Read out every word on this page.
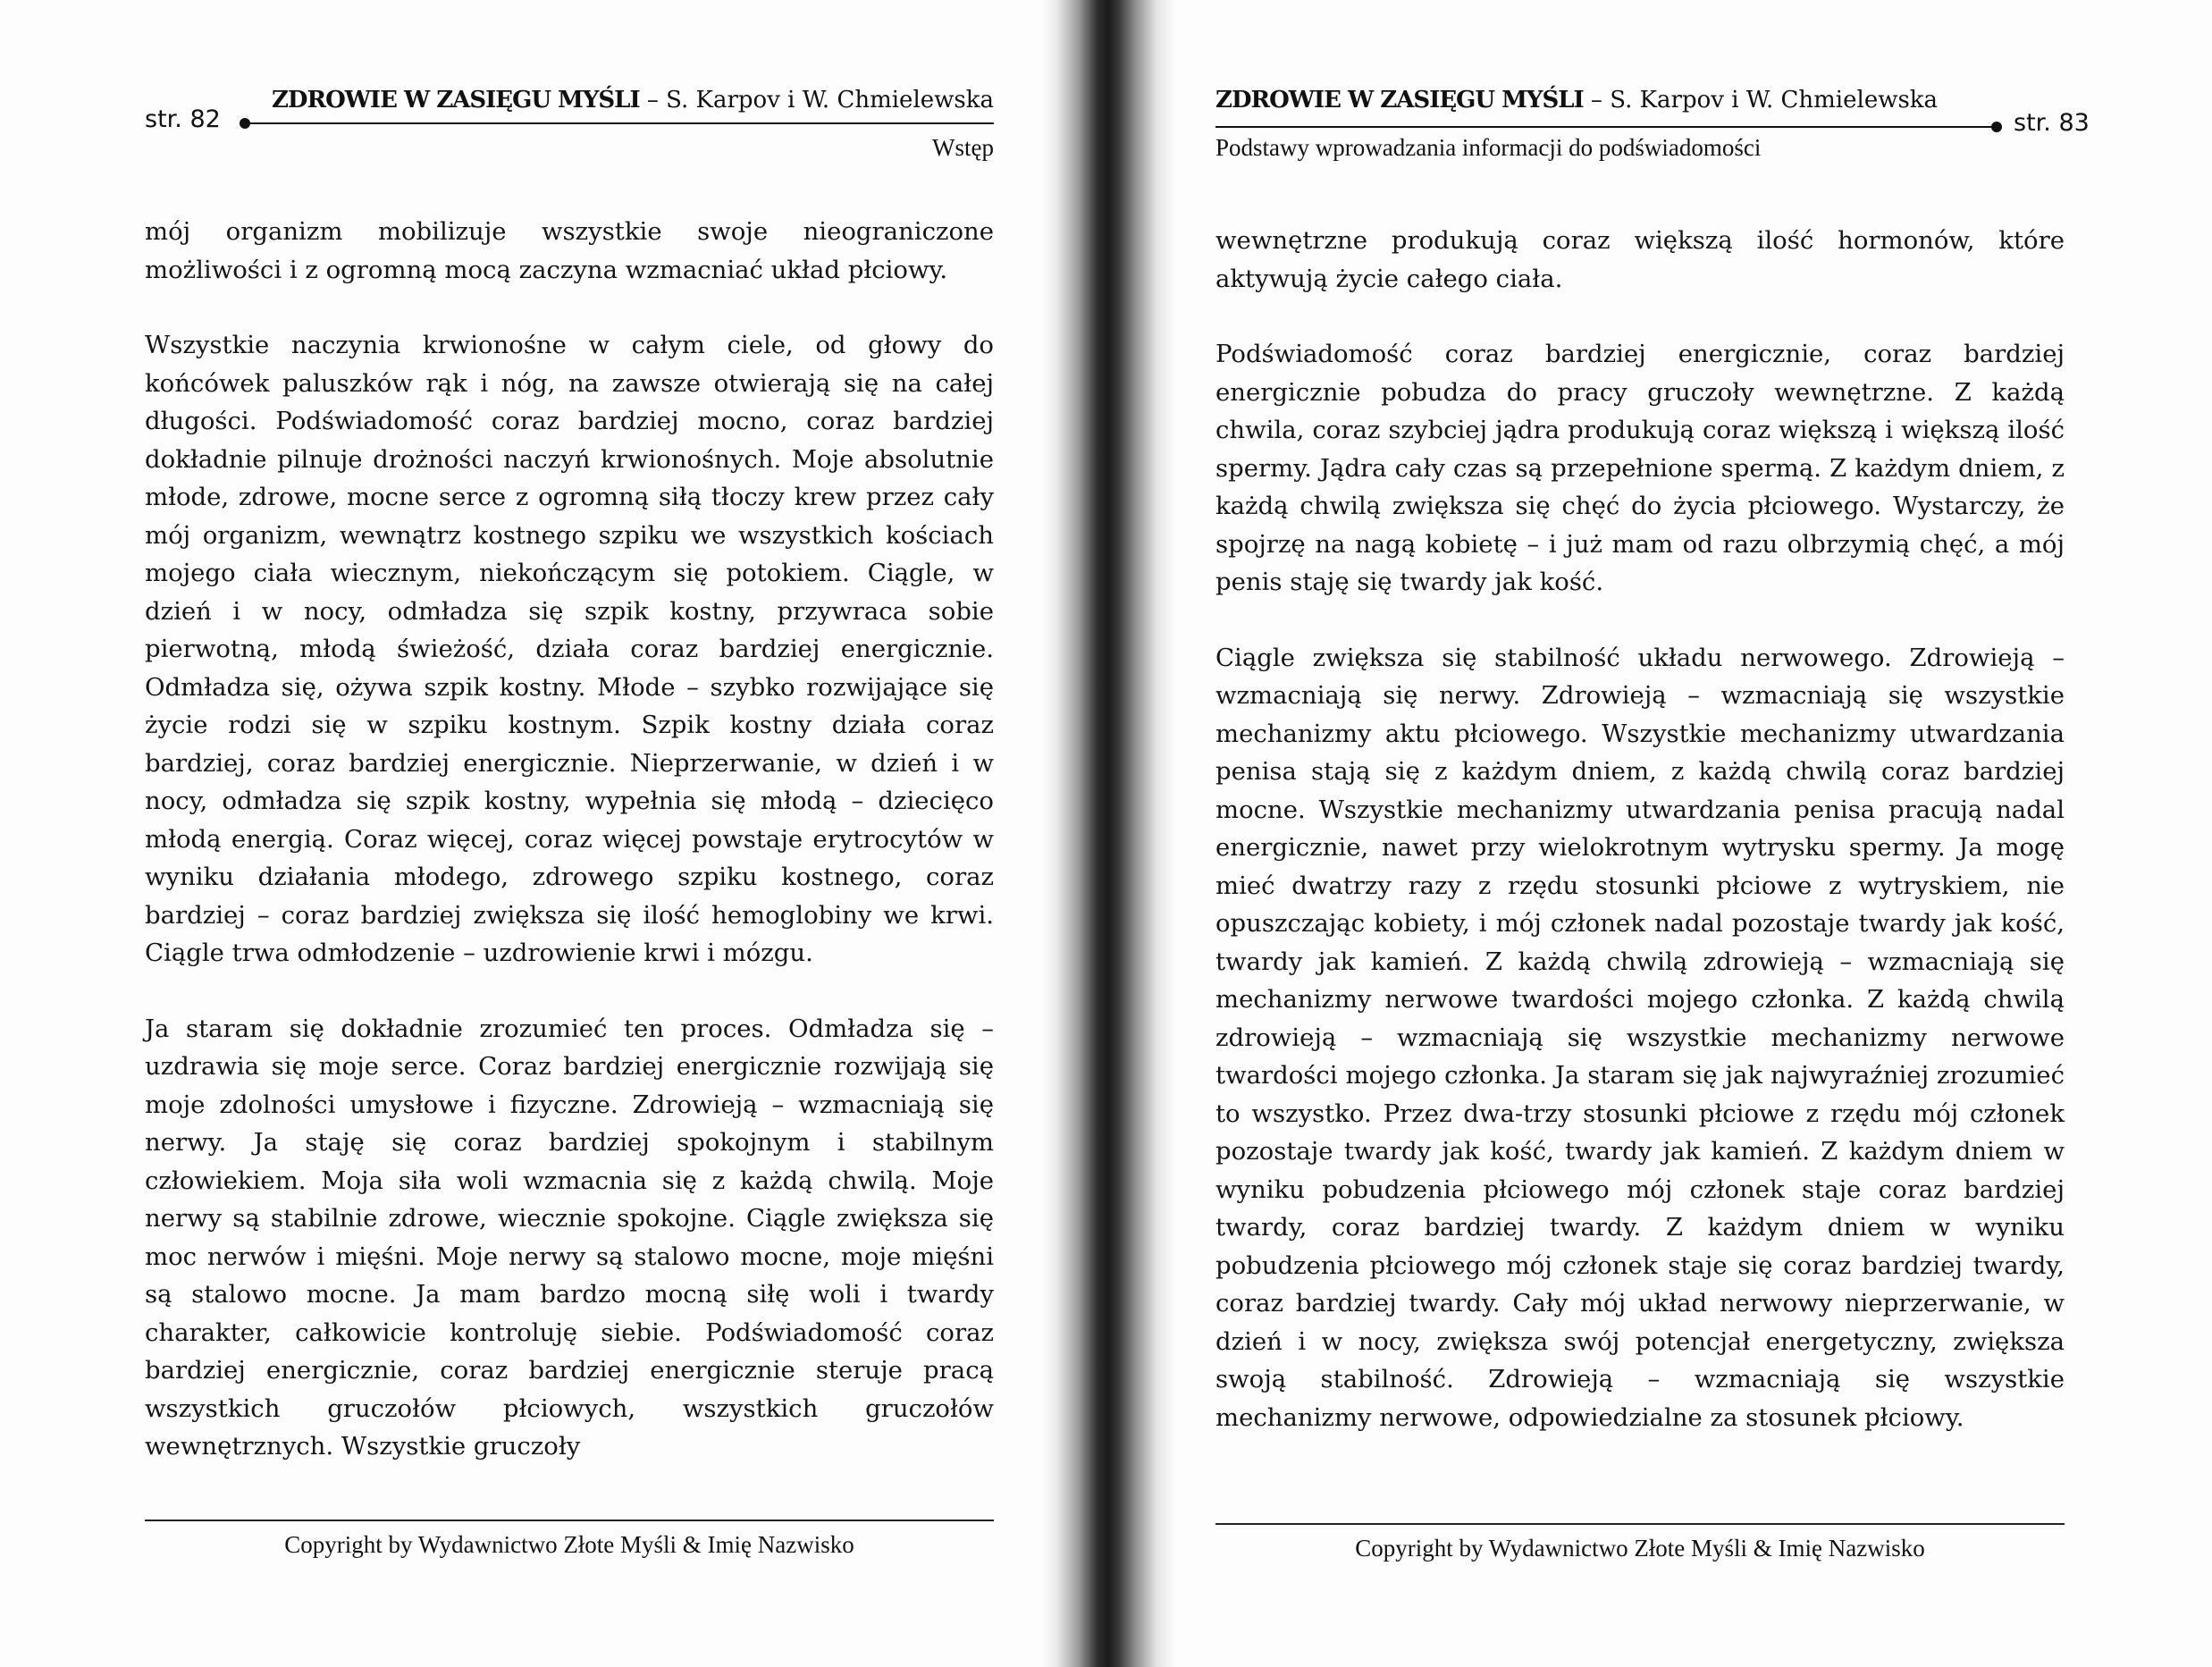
str. 82
ZDROWIE W ZASIĘGU MYŚLI – S. Karpov i W. Chmielewska
Wstęp

mój organizm mobilizuje wszystkie swoje nieograniczone możliwości i z ogromną mocą zaczyna wzmacniać układ płciowy.

Wszystkie naczynia krwionośne w całym ciele, od głowy do końcówek paluszków rąk i nóg, na zawsze otwierają się na całej długości. Podświadomość coraz bardziej mocno, coraz bardziej dokładnie pilnuje drożności naczyń krwionośnych. Moje absolutnie młode, zdrowe, mocne serce z ogromną siłą tłoczy krew przez cały mój organizm, wewnątrz kostnego szpiku we wszystkich kościach mojego ciała wiecznym, niekończącym się potokiem. Ciągle, w dzień i w nocy, odmładza się szpik kostny, przywraca sobie pierwotną, młodą świeżość, działa coraz bardziej energicznie. Odmładza się, ożywa szpik kostny. Młode – szybko rozwijające się życie rodzi się w szpiku kostnym. Szpik kostny działa coraz bardziej, coraz bardziej energicznie. Nieprzerwanie, w dzień i w nocy, odmładza się szpik kostny, wypełnia się młodą – dziecięco młodą energią. Coraz więcej, coraz więcej powstaje erytrocytów w wyniku działania młodego, zdrowego szpiku kostnego, coraz bardziej – coraz bardziej zwiększa się ilość hemoglobiny we krwi. Ciągle trwa odmłodzenie – uzdrowienie krwi i mózgu.

Ja staram się dokładnie zrozumieć ten proces. Odmładza się – uzdrawia się moje serce. Coraz bardziej energicznie rozwijają się moje zdolności umysłowe i fizyczne. Zdrowieją – wzmacniają się nerwy. Ja staję się coraz bardziej spokojnym i stabilnym człowiekiem. Moja siła woli wzmacnia się z każdą chwilą. Moje nerwy są stabilnie zdrowe, wiecznie spokojne. Ciągle zwiększa się moc nerwów i mięśni. Moje nerwy są stalowo mocne, moje mięśni są stalowo mocne. Ja mam bardzo mocną siłę woli i twardy charakter, całkowicie kontroluję siebie. Podświadomość coraz bardziej energicznie, coraz bardziej energicznie steruje pracą wszystkich gruczołów płciowych, wszystkich gruczołów wewnętrznych. Wszystkie gruczoły

Copyright by Wydawnictwo Złote Myśli & Imię Nazwisko
ZDROWIE W ZASIĘGU MYŚLI – S. Karpov i W. Chmielewska
str. 83
Podstawy wprowadzania informacji do podświadomości

wewnętrzne produkują coraz większą ilość hormonów, które aktywują życie całego ciała.

Podświadomość coraz bardziej energicznie, coraz bardziej energicznie pobudza do pracy gruczoły wewnętrzne. Z każdą chwila, coraz szybciej jądra produkują coraz większą i większą ilość spermy. Jądra cały czas są przepełnione spermą. Z każdym dniem, z każdą chwilą zwiększa się chęć do życia płciowego. Wystarczy, że spojrzę na nagą kobietę – i już mam od razu olbrzymią chęć, a mój penis staję się twardy jak kość.

Ciągle zwiększa się stabilność układu nerwowego. Zdrowieją – wzmacniają się nerwy. Zdrowieją – wzmacniają się wszystkie mechanizmy aktu płciowego. Wszystkie mechanizmy utwardzania penisa stają się z każdym dniem, z każdą chwilą coraz bardziej mocne. Wszystkie mechanizmy utwardzania penisa pracują nadal energicznie, nawet przy wielokrotnym wytrysku spermy. Ja mogę mieć dwatrzy razy z rzędu stosunki płciowe z wytryskiem, nie opuszczając kobiety, i mój członek nadal pozostaje twardy jak kość, twardy jak kamień. Z każdą chwilą zdrowieją – wzmacniają się mechanizmy nerwowe twardości mojego członka. Z każdą chwilą zdrowieją – wzmacniają się wszystkie mechanizmy nerwowe twardości mojego członka. Ja staram się jak najwyraźniej zrozumieć to wszystko. Przez dwa-trzy stosunki płciowe z rzędu mój członek pozostaje twardy jak kość, twardy jak kamień. Z każdym dniem w wyniku pobudzenia płciowego mój członek staje coraz bardziej twardy, coraz bardziej twardy. Z każdym dniem w wyniku pobudzenia płciowego mój członek staje się coraz bardziej twardy, coraz bardziej twardy. Cały mój układ nerwowy nieprzerwanie, w dzień i w nocy, zwiększa swój potencjał energetyczny, zwiększa swoją stabilność. Zdrowieją – wzmacniają się wszystkie mechanizmy nerwowe, odpowiedzialne za stosunek płciowy.

Copyright by Wydawnictwo Złote Myśli & Imię Nazwisko
